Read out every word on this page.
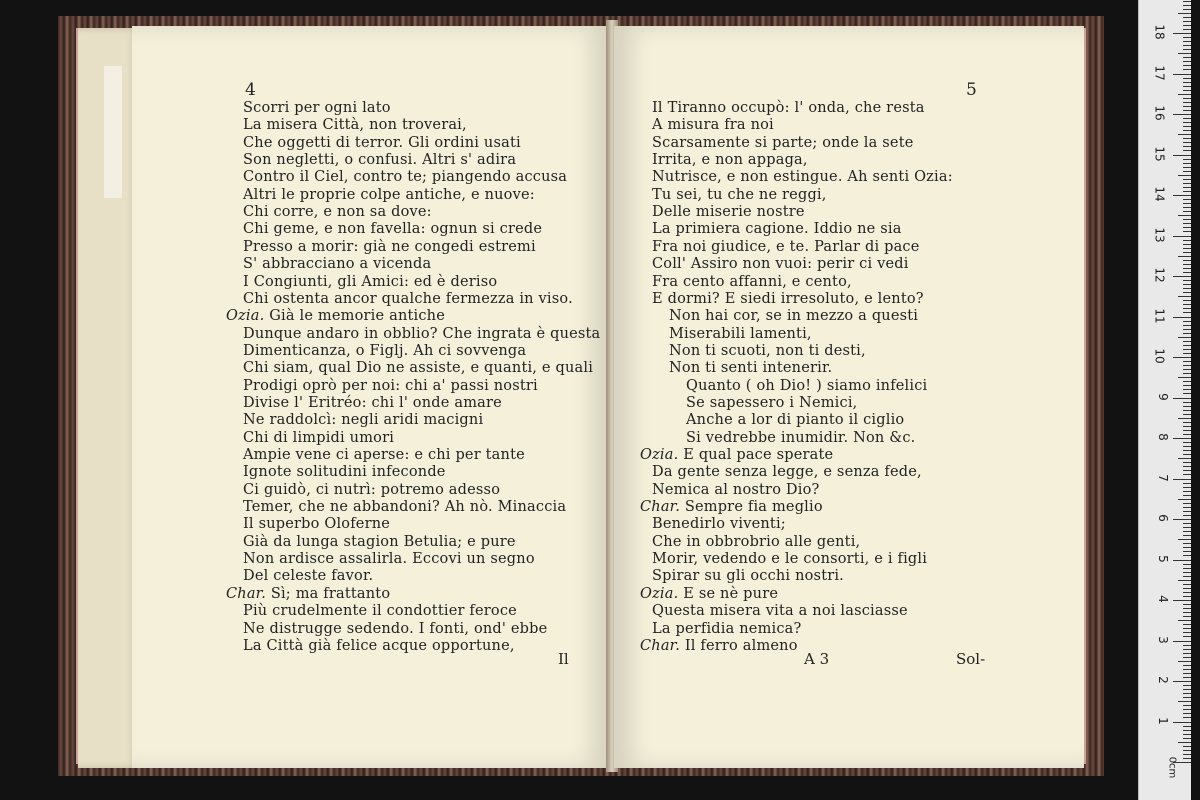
4
Scorri per ogni lato
La misera Città, non troverai,
Che oggetti di terror. Gli ordini usati
Son negletti, o confusi. Altri s' adira
Contro il Ciel, contro te; piangendo accusa
Altri le proprie colpe antiche, e nuove:
Chi corre, e non sa dove:
Chi geme, e non favella: ognun si crede
Presso a morir: già ne congedi estremi
S' abbracciano a vicenda
I Congiunti, gli Amici: ed è deriso
Chi ostenta ancor qualche fermezza in viso.
Ozia. Già le memorie antiche
Dunque andaro in obblio? Che ingrata è questa
Dimenticanza, o Figlj. Ah ci sovvenga
Chi siam, qual Dio ne assiste, e quanti, e quali
Prodigi oprò per noi: chi a' passi nostri
Divise l' Eritréo: chi l' onde amare
Ne raddolcì: negli aridi macigni
Chi di limpidi umori
Ampie vene ci aperse: e chi per tante
Ignote solitudini infeconde
Ci guidò, ci nutrì: potremo adesso
Temer, che ne abbandoni? Ah nò. Minaccia
Il superbo Oloferne
Già da lunga stagion Betulia; e pure
Non ardisce assalirla. Eccovi un segno
Del celeste favor.
Char. Sì; ma frattanto
Più crudelmente il condottier feroce
Ne distrugge sedendo. I fonti, ond' ebbe
La Città già felice acque opportune,
Il
5
Il Tiranno occupò: l' onda, che resta
A misura fra noi
Scarsamente si parte; onde la sete
Irrita, e non appaga,
Nutrisce, e non estingue. Ah senti Ozia:
Tu sei, tu che ne reggi,
Delle miserie nostre
La primiera cagione. Iddio ne sia
Fra noi giudice, e te. Parlar di pace
Coll' Assiro non vuoi: perir ci vedi
Fra cento affanni, e cento,
E dormi? E siedi irresoluto, e lento?
Non hai cor, se in mezzo a questi
Miserabili lamenti,
Non ti scuoti, non ti desti,
Non ti senti intenerir.
Quanto ( oh Dio! ) siamo infelici
Se sapessero i Nemici,
Anche a lor di pianto il ciglio
Si vedrebbe inumidir. Non &c.
Ozia. E qual pace sperate
Da gente senza legge, e senza fede,
Nemica al nostro Dio?
Char. Sempre fia meglio
Benedirlo viventi;
Che in obbrobrio alle genti,
Morir, vedendo e le consorti, e i figli
Spirar su gli occhi nostri.
Ozia. E se nè pure
Questa misera vita a noi lasciasse
La perfidia nemica?
Char. Il ferro almeno
A 3	Sol-
1
2
3
4
5
6
7
8
9
10
11
12
13
14
15
16
17
18
0cm
